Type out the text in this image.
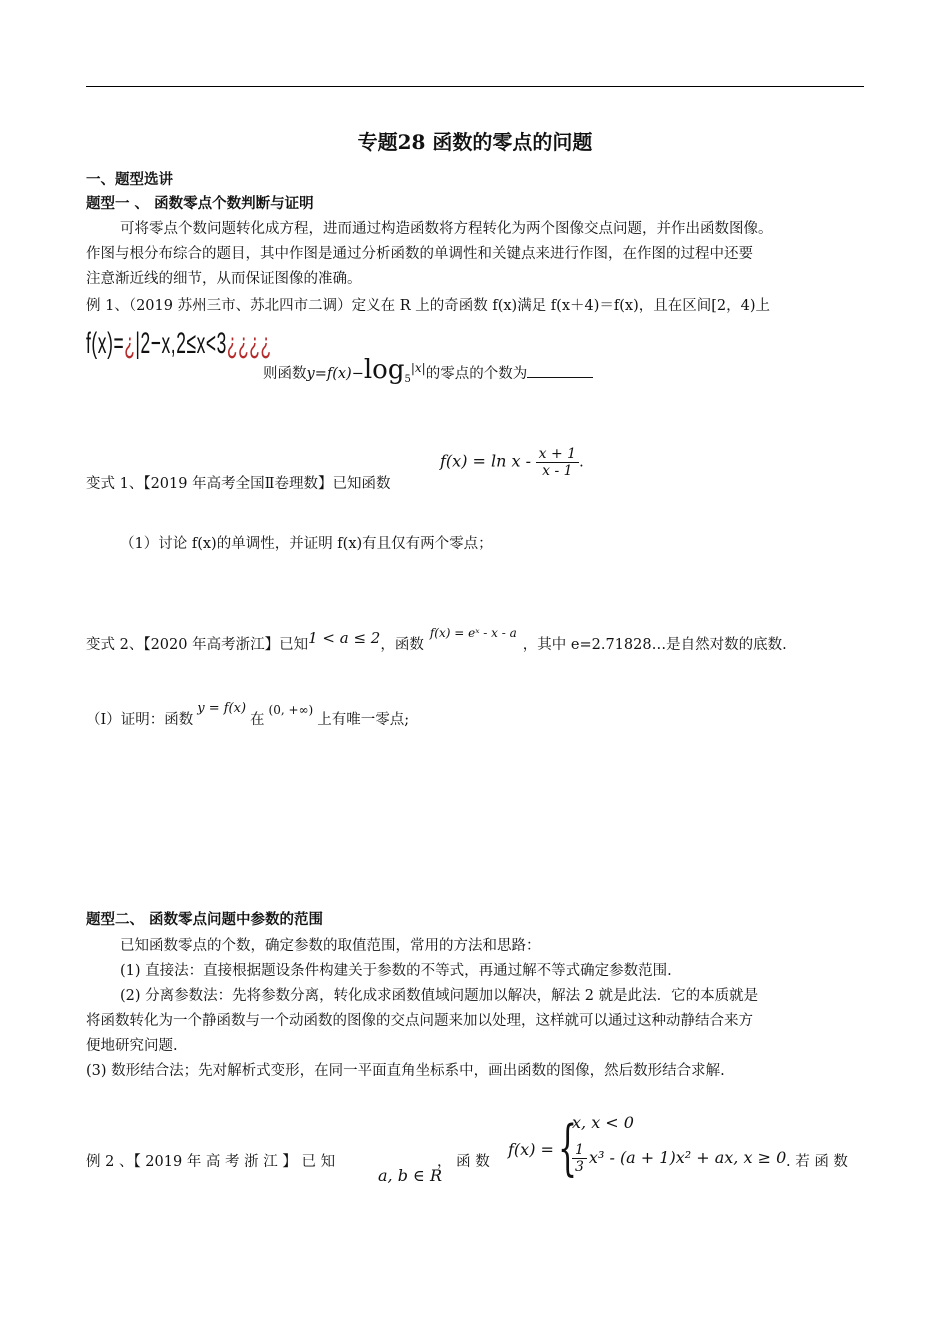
专题28 函数的零点的问题
一、题型选讲
题型一 、 函数零点个数判断与证明
可将零点个数问题转化成方程，进而通过构造函数将方程转化为两个图像交点问题，并作出函数图像。
作图与根分布综合的题目，其中作图是通过分析函数的单调性和关键点来进行作图，在作图的过程中还要
注意渐近线的细节，从而保证图像的准确。
例 1、（2019 苏州三市、苏北四市二调）定义在 R 上的奇函数 f(x)满足 f(x＋4)＝f(x)，且在区间[2，4)上
f(x)=¿|2−x,2≤x<3¿¿¿¿
则函数$y=f(x)-\log_5^{|x|}$的零点的个数为
变式 1、【2019 年高考全国Ⅱ卷理数】已知函数
$f(x) = \ln x - \frac{x + 1}{x - 1}$ .
（1）讨论 f(x)的单调性，并证明 f(x)有且仅有两个零点；
变式 2、【2020 年高考浙江】已知1 < a ≤ 2，函数$^{f(x) = eˣ - x - a}$，其中 e=2.71828…是自然对数的底数.
（Ⅰ）证明：函数y = f(x)在$^{(0, +\infty)}$上有唯一零点;
题型二、 函数零点问题中参数的范围
已知函数零点的个数，确定参数的取值范围，常用的方法和思路：
(1) 直接法：直接根据题设条件构建关于参数的不等式，再通过解不等式确定参数范围.
(2) 分离参数法：先将参数分离，转化成求函数值域问题加以解决，解法 2 就是此法．它的本质就是
将函数转化为一个静函数与一个动函数的图像的交点问题来加以处理，这样就可以通过这种动静结合来方
便地研究问题.
(3) 数形结合法；先对解析式变形，在同一平面直角坐标系中，画出函数的图像，然后数形结合求解.
例 2 、【 2019 年 高 考 浙 江 】 已 知
a, b ∈ R
， 函 数
f(x) = {
x, x < 0
$\frac{1}{3} x^3 - (a + 1)x^2$ + ax, x ≥ 0 . 若 函 数
